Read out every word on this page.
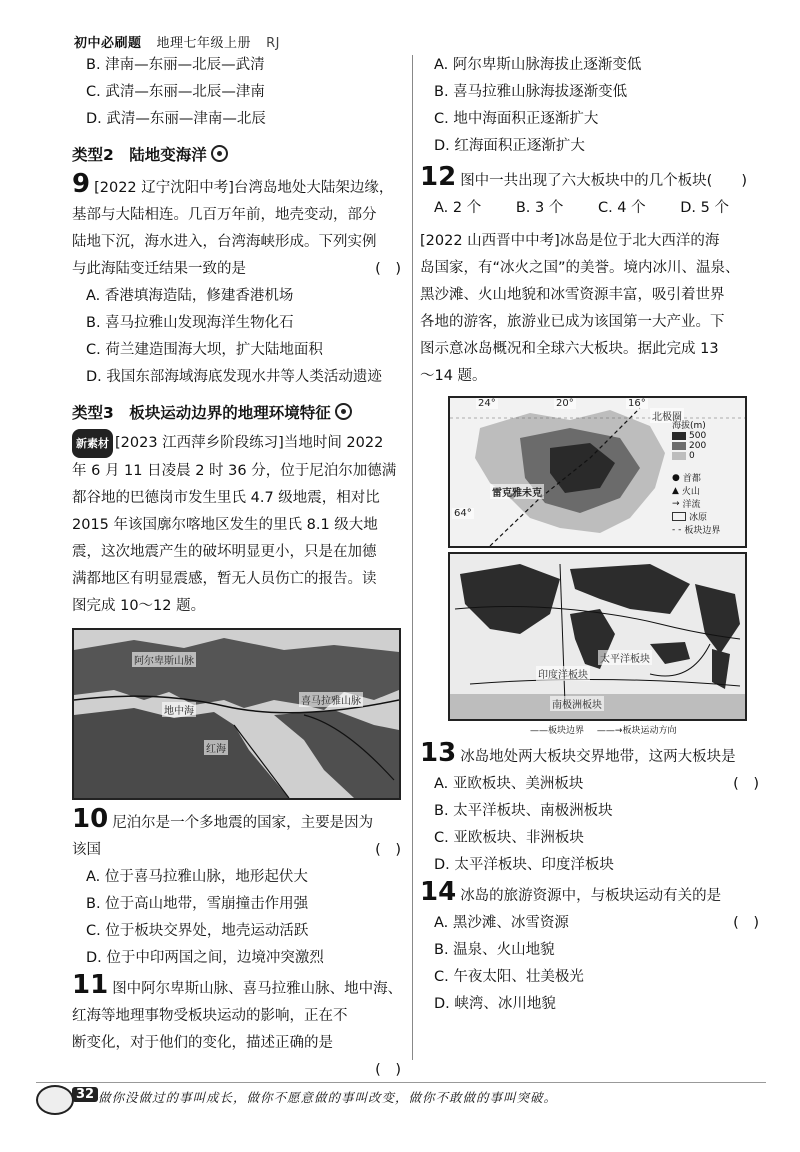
初中必刷题 地理七年级上册 RJ
B. 津南—东丽—北辰—武清
C. 武清—东丽—北辰—津南
D. 武清—东丽—津南—北辰
类型2　陆地变海洋
9 [2022 辽宁沈阳中考]台湾岛地处大陆架边缘，
基部与大陆相连。几百万年前，地壳变动，部分
陆地下沉，海水进入，台湾海峡形成。下列实例
与此海陆变迁结果一致的是	(　)
A. 香港填海造陆，修建香港机场
B. 喜马拉雅山发现海洋生物化石
C. 荷兰建造围海大坝，扩大陆地面积
D. 我国东部海域海底发现水井等人类活动遗迹
类型3　板块运动边界的地理环境特征
新素材 [2023 江西萍乡阶段练习]当地时间 2022
年 6 月 11 日凌晨 2 时 36 分，位于尼泊尔加德满
都谷地的巴德岗市发生里氏 4.7 级地震，相对比
2015 年该国廓尔喀地区发生的里氏 8.1 级大地
震，这次地震产生的破坏明显更小，只是在加德
满都地区有明显震感，暂无人员伤亡的报告。读
图完成 10～12 题。
阿尔卑斯山脉
喜马拉雅山脉
地中海
红海
10 尼泊尔是一个多地震的国家，主要是因为
该国	(　)
A. 位于喜马拉雅山脉，地形起伏大
B. 位于高山地带，雪崩撞击作用强
C. 位于板块交界处，地壳运动活跃
D. 位于中印两国之间，边境冲突激烈
11 图中阿尔卑斯山脉、喜马拉雅山脉、地中海、
红海等地理事物受板块运动的影响，正在不
断变化，对于他们的变化，描述正确的是
(　)
A. 阿尔卑斯山脉海拔止逐渐变低
B. 喜马拉雅山脉海拔逐渐变低
C. 地中海面积正逐渐扩大
D. 红海面积正逐渐扩大
12 图中一共出现了六大板块中的几个板块(　　)
A. 2 个 B. 3 个 C. 4 个 D. 5 个
[2022 山西晋中中考]冰岛是位于北大西洋的海
岛国家，有“冰火之国”的美誉。境内冰川、温泉、
黑沙滩、火山地貌和冰雪资源丰富，吸引着世界
各地的游客，旅游业已成为该国第一大产业。下
图示意冰岛概况和全球六大板块。据此完成 13
～14 题。
24°	20°	16°
北极圈
64°
雷克雅未克
海拔(m)
500
200
0
● 首都
▲ 火山
→ 洋流
冰原
- - 板块边界
太平洋板块
南极洲板块
印度洋板块
——板块边界 ——→板块运动方向
13 冰岛地处两大板块交界地带，这两大板块是
(　)
A. 亚欧板块、美洲板块
B. 太平洋板块、南极洲板块
C. 亚欧板块、非洲板块
D. 太平洋板块、印度洋板块
14 冰岛的旅游资源中，与板块运动有关的是
(　)
A. 黑沙滩、冰雪资源
B. 温泉、火山地貌
C. 午夜太阳、壮美极光
D. 峡湾、冰川地貌
32 做你没做过的事叫成长，做你不愿意做的事叫改变，做你不敢做的事叫突破。
